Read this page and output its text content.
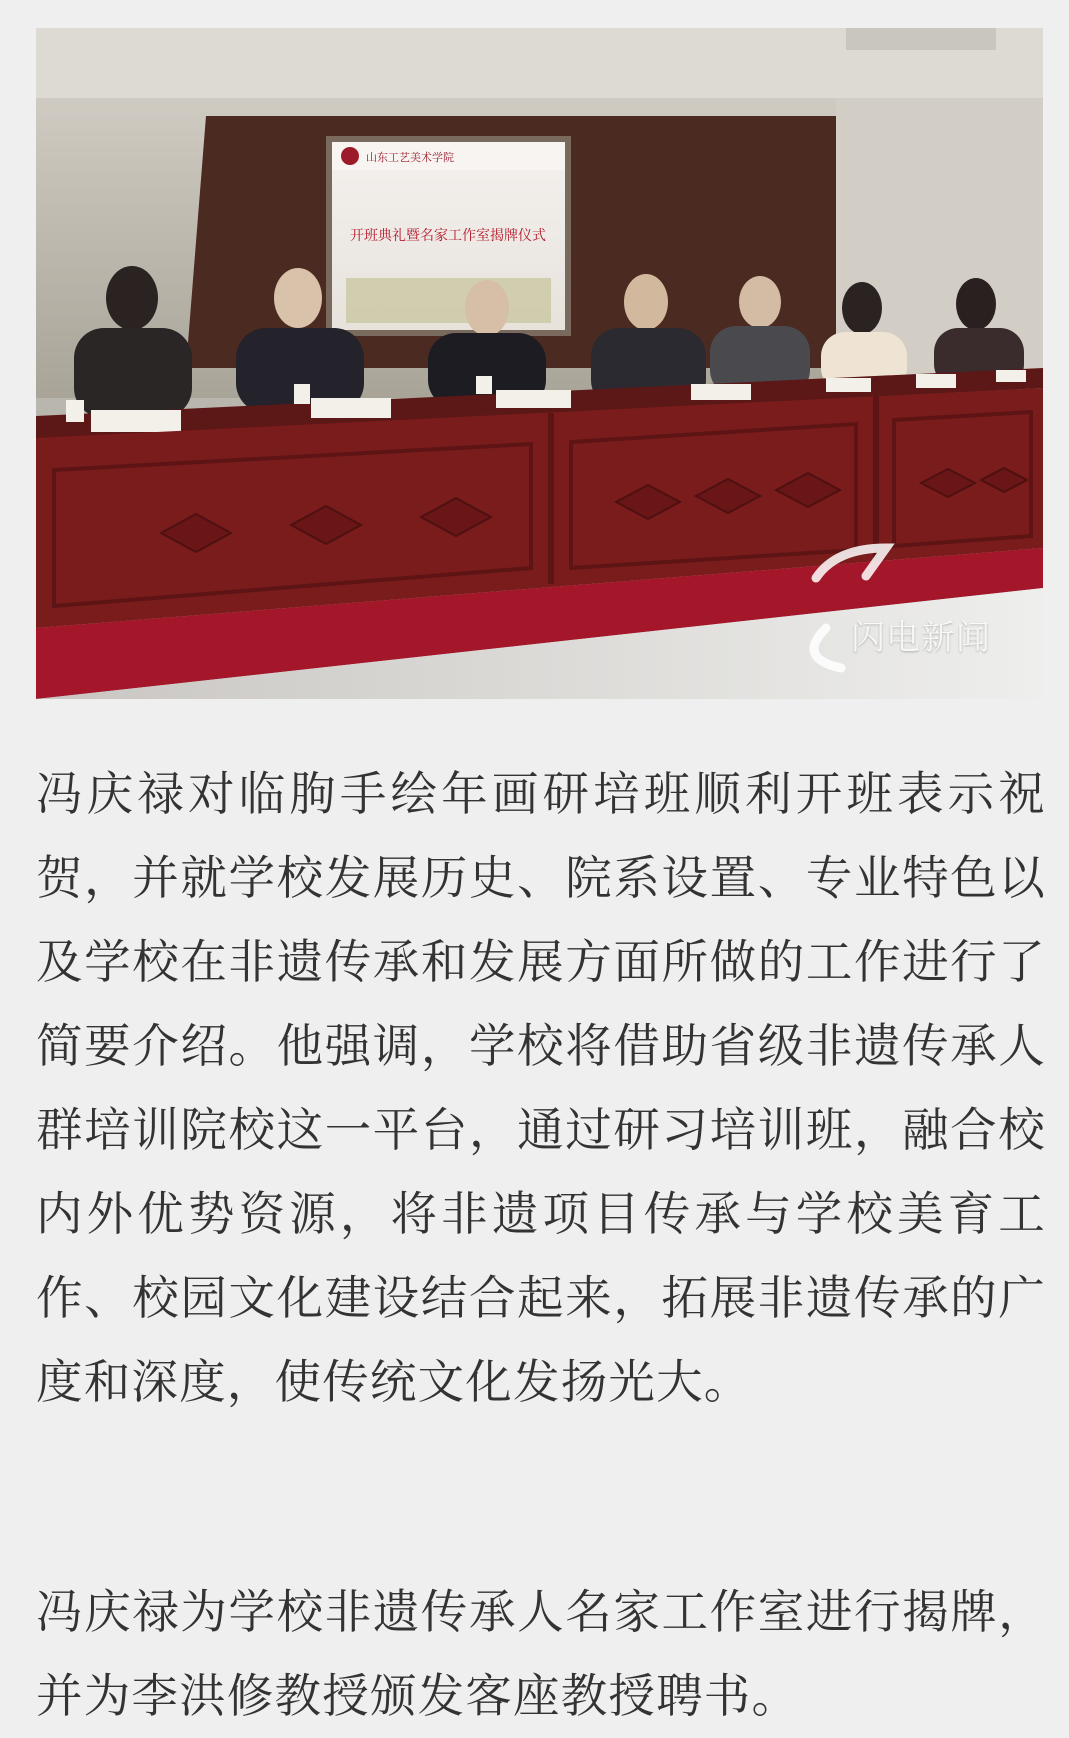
山东工艺美术学院
开班典礼暨名家工作室揭牌仪式
闪电新闻

冯庆禄对临朐手绘年画研培班顺利开班表示祝贺，并就学校发展历史、院系设置、专业特色以及学校在非遗传承和发展方面所做的工作进行了简要介绍。他强调，学校将借助省级非遗传承人群培训院校这一平台，通过研习培训班，融合校内外优势资源，将非遗项目传承与学校美育工作、校园文化建设结合起来，拓展非遗传承的广度和深度，使传统文化发扬光大。

冯庆禄为学校非遗传承人名家工作室进行揭牌，并为李洪修教授颁发客座教授聘书。
